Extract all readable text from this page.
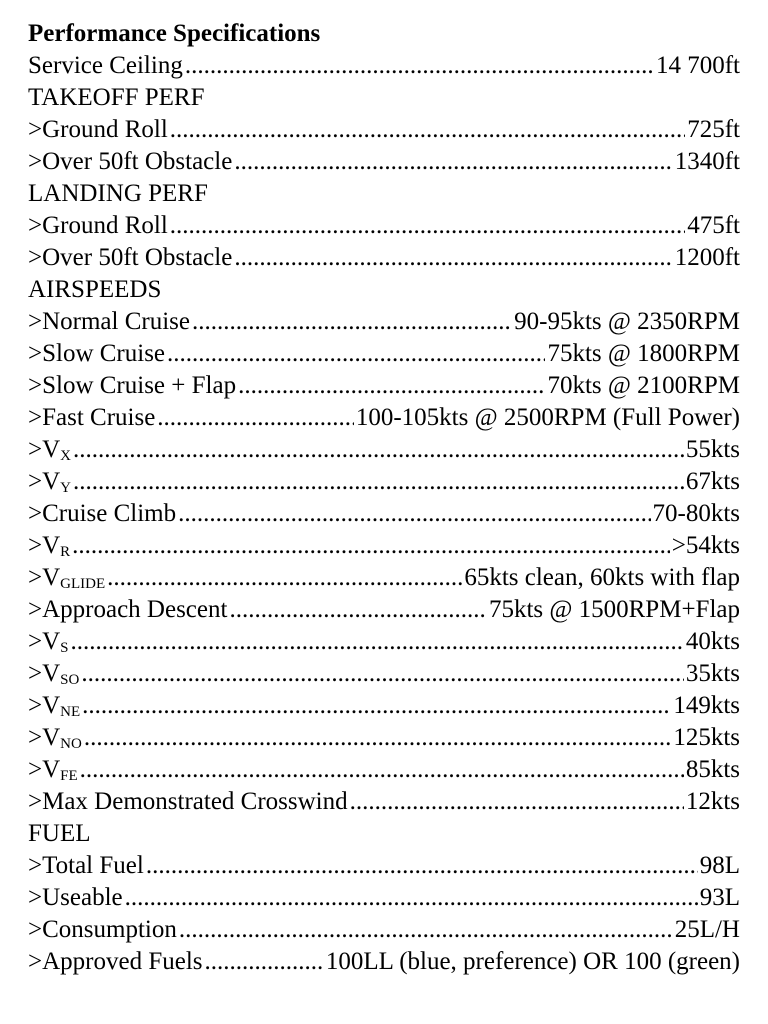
Performance Specifications
Service Ceiling .....	14 700ft
TAKEOFF PERF
>Ground Roll .....	725ft
>Over 50ft Obstacle .....	1340ft
LANDING PERF
>Ground Roll .....	475ft
>Over 50ft Obstacle .....	1200ft
AIRSPEEDS
>Normal Cruise .....	90-95kts @ 2350RPM
>Slow Cruise .....	75kts @ 1800RPM
>Slow Cruise + Flap .....	70kts @ 2100RPM
>Fast Cruise .....	100-105kts @ 2500RPM (Full Power)
$>V_X$ .....	55kts
$>V_Y$ .....	67kts
>Cruise Climb .....	70-80kts
$>V_R$ .....	>54kts
$>V_{GLIDE}$ .....	65kts clean, 60kts with flap
>Approach Descent .....	75kts @ 1500RPM+Flap
$>V_S$ .....	40kts
$>V_{SO}$ .....	35kts
$>V_{NE}$ .....	149kts
$>V_{NO}$ .....	125kts
$>V_{FE}$ .....	85kts
>Max Demonstrated Crosswind .....	12kts
FUEL
>Total Fuel .....	98L
>Useable .....	93L
>Consumption .....	25L/H
>Approved Fuels .....	100LL (blue, preference) OR 100 (green)
